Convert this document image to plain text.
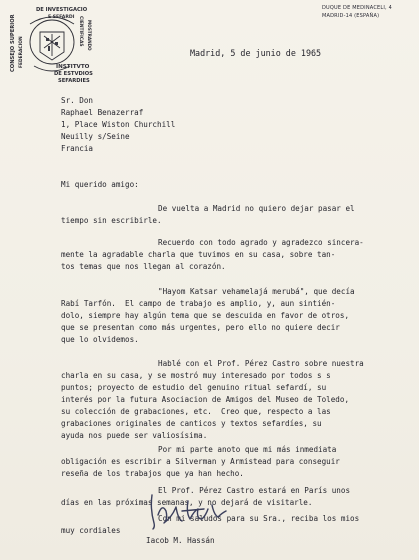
DE INVESTIGACIO
E SEFARDI
CONSEJO SUPERIOR FEDERACION
CIENTIFICAS MOSTRANDO
INSTITVTO
DE ESTVDIOS
SEFARDIES
DUQUE DE MEDINACELI, 4
MADRID-14 (ESPAÑA)
Madrid, 5 de junio de 1965
Sr. Don
Raphael Benazerraf
1, Place Wiston Churchill
Neuilly s/Seine
Francia
Mi querido amigo:
De vuelta a Madrid no quiero dejar pasar el
tiempo sin escribirle.
Recuerdo con todo agrado y agradezco sincera-
mente la agradable charla que tuvimos en su casa, sobre tan-
tos temas que nos llegan al corazón.
"Hayom Katsar vehamelajá merubá", que decía
Rabí Tarfón.  El campo de trabajo es amplio, y, aun sintién-
dolo, siempre hay algún tema que se descuida en favor de otros,
que se presentan como más urgentes, pero ello no quiere decir
que lo olvidemos.
Hablé con el Prof. Pérez Castro sobre nuestra
charla en su casa, y se mostró muy interesado por todos s s
puntos; proyecto de estudio del genuino ritual sefardí, su
interés por la futura Asociacion de Amigos del Museo de Toledo,
su colección de grabaciones, etc.  Creo que, respecto a las
grabaciones originales de canticos y textos sefardíes, su
ayuda nos puede ser valiosísima.
Por mi parte anoto que mi más inmediata
obligación es escribir a Silverman y Armistead para conseguir
reseña de los trabajos que ya han hecho.
El Prof. Pérez Castro estará en París unos
días en las próximas semanas, y no dejará de visitarle.
Con mi saludos para su Sra., reciba los mios
muy cordiales
Iacob M. Hassán
